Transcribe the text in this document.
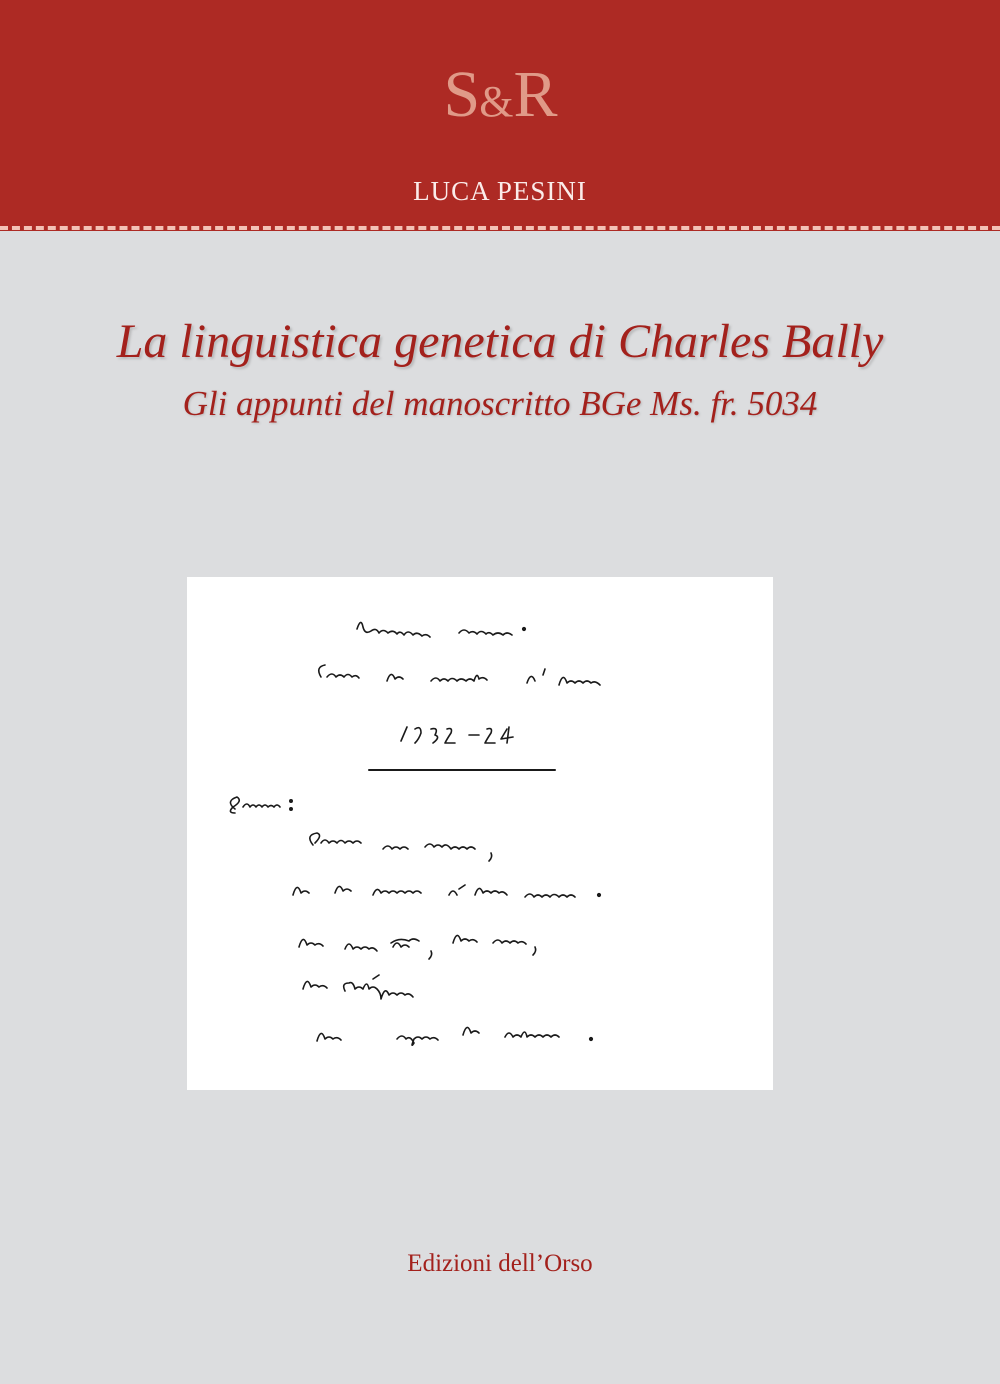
S&R
LUCA PESINI
La linguistica genetica di Charles Bally
Gli appunti del manoscritto BGe Ms. fr. 5034
Edizioni dell’Orso
